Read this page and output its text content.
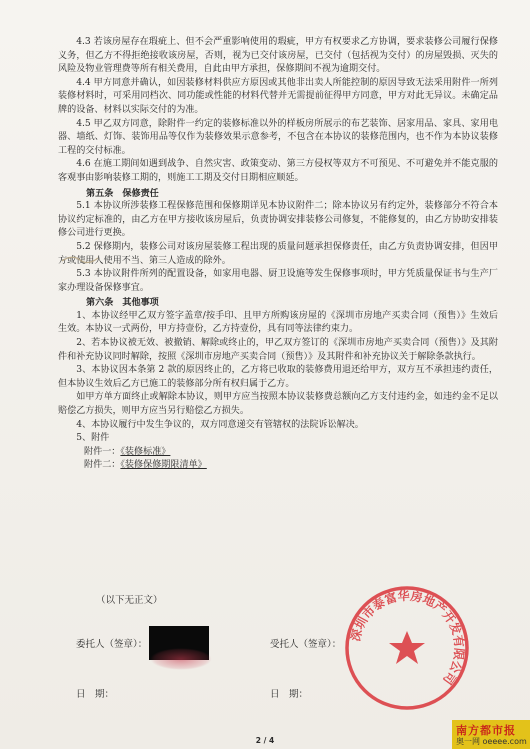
4.3 若该房屋存在瑕疵上、但不会严重影响使用的瑕疵，甲方有权要求乙方协调，要求装修公司履行保修义务，但乙方不得拒绝接收该房屋，否则，视为已交付该房屋，已交付（包括视为交付）的房屋毁损、灭失的风险及物业管理费等所有相关费用，自此由甲方承担，保修期间不视为逾期交付。

4.4 甲方同意并确认，如因装修材料供应方原因或其他非出卖人所能控制的原因导致无法采用附件一所列装修材料时，可采用同档次、同功能或性能的材料代替并无需提前征得甲方同意，甲方对此无异议。未确定品牌的设备、材料以实际交付的为准。

4.5 甲乙双方同意，除附件一约定的装修标准以外的样板房所展示的布艺装饰、居家用品、家具、家用电器、墙纸、灯饰、装饰用品等仅作为装修效果示意参考，不包含在本协议的装修范围内，也不作为本协议装修工程的交付标准。

4.6 在施工期间如遇到战争、自然灾害、政策变动、第三方侵权等双方不可预见、不可避免并不能克服的客观事由影响装修工期的，则施工工期及交付日期相应顺延。

第五条　保修责任

5.1 本协议所涉装修工程保修范围和保修期详见本协议附件二；除本协议另有约定外，装修部分不符合本协议约定标准的，由乙方在甲方接收该房屋后，负责协调安排装修公司修复，不能修复的，由乙方协助安排装修公司进行更换。

5.2 保修期内，装修公司对该房屋装修工程出现的质量问题承担保修责任，由乙方负责协调安排，但因甲方或使用人使用不当、第三人造成的除外。

5.3 本协议附件所列的配置设备，如家用电器、厨卫设施等发生保修事项时，甲方凭质量保证书与生产厂家办理设备保修事宜。

第六条　其他事项

1、本协议经甲乙双方签字盖章/按手印、且甲方所购该房屋的《深圳市房地产买卖合同（预售）》生效后生效。本协议一式两份，甲方持壹份，乙方持壹份，具有同等法律约束力。

2、若本协议被无效、被撤销、解除或终止的，甲乙双方签订的《深圳市房地产买卖合同（预售）》及其附件和补充协议同时解除，按照《深圳市房地产买卖合同（预售）》及其附件和补充协议关于解除条款执行。

3、本协议因本条第 2 款的原因终止的，乙方将已收取的装修费用退还给甲方，双方互不承担违约责任，但本协议生效后乙方已施工的装修部分所有权归属于乙方。

如甲方单方面终止或解除本协议，则甲方应当按照本协议装修费总额向乙方支付违约金，如违约金不足以赔偿乙方损失，则甲方应当另行赔偿乙方损失。

4、本协议履行中发生争议的，双方同意递交有管辖权的法院诉讼解决。

5、附件

附件一：《装修标准》

附件二：《装修保修期限清单》

（以下无正文）
委托人（签章）：	受托人（签章）：
日　期：	日　期：
深圳市泰富华房地产开发有限公司
南方都市报
奥一网 oeeee.com
2 / 4
